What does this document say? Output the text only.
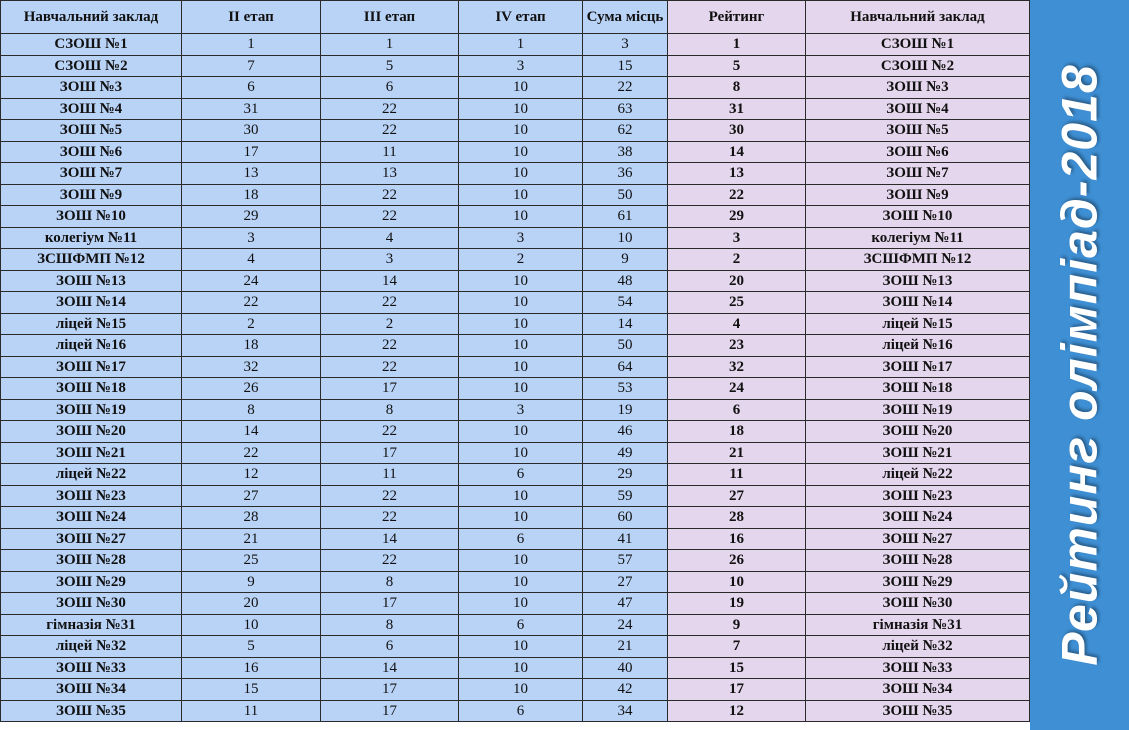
Навчальний заклад	II етап	III етап	IV етап	Сума місць	Рейтинг	Навчальний заклад
СЗОШ №1	1	1	1	3	1	СЗОШ №1
СЗОШ №2	7	5	3	15	5	СЗОШ №2
ЗОШ №3	6	6	10	22	8	ЗОШ №3
ЗОШ №4	31	22	10	63	31	ЗОШ №4
ЗОШ №5	30	22	10	62	30	ЗОШ №5
ЗОШ №6	17	11	10	38	14	ЗОШ №6
ЗОШ №7	13	13	10	36	13	ЗОШ №7
ЗОШ №9	18	22	10	50	22	ЗОШ №9
ЗОШ №10	29	22	10	61	29	ЗОШ №10
колегіум №11	3	4	3	10	3	колегіум №11
ЗСШФМП №12	4	3	2	9	2	ЗСШФМП №12
ЗОШ №13	24	14	10	48	20	ЗОШ №13
ЗОШ №14	22	22	10	54	25	ЗОШ №14
ліцей №15	2	2	10	14	4	ліцей №15
ліцей №16	18	22	10	50	23	ліцей №16
ЗОШ №17	32	22	10	64	32	ЗОШ №17
ЗОШ №18	26	17	10	53	24	ЗОШ №18
ЗОШ №19	8	8	3	19	6	ЗОШ №19
ЗОШ №20	14	22	10	46	18	ЗОШ №20
ЗОШ №21	22	17	10	49	21	ЗОШ №21
ліцей №22	12	11	6	29	11	ліцей №22
ЗОШ №23	27	22	10	59	27	ЗОШ №23
ЗОШ №24	28	22	10	60	28	ЗОШ №24
ЗОШ №27	21	14	6	41	16	ЗОШ №27
ЗОШ №28	25	22	10	57	26	ЗОШ №28
ЗОШ №29	9	8	10	27	10	ЗОШ №29
ЗОШ №30	20	17	10	47	19	ЗОШ №30
гімназія №31	10	8	6	24	9	гімназія №31
ліцей №32	5	6	10	21	7	ліцей №32
ЗОШ №33	16	14	10	40	15	ЗОШ №33
ЗОШ №34	15	17	10	42	17	ЗОШ №34
ЗОШ №35	11	17	6	34	12	ЗОШ №35
Рейтинг олімпіад-2018
